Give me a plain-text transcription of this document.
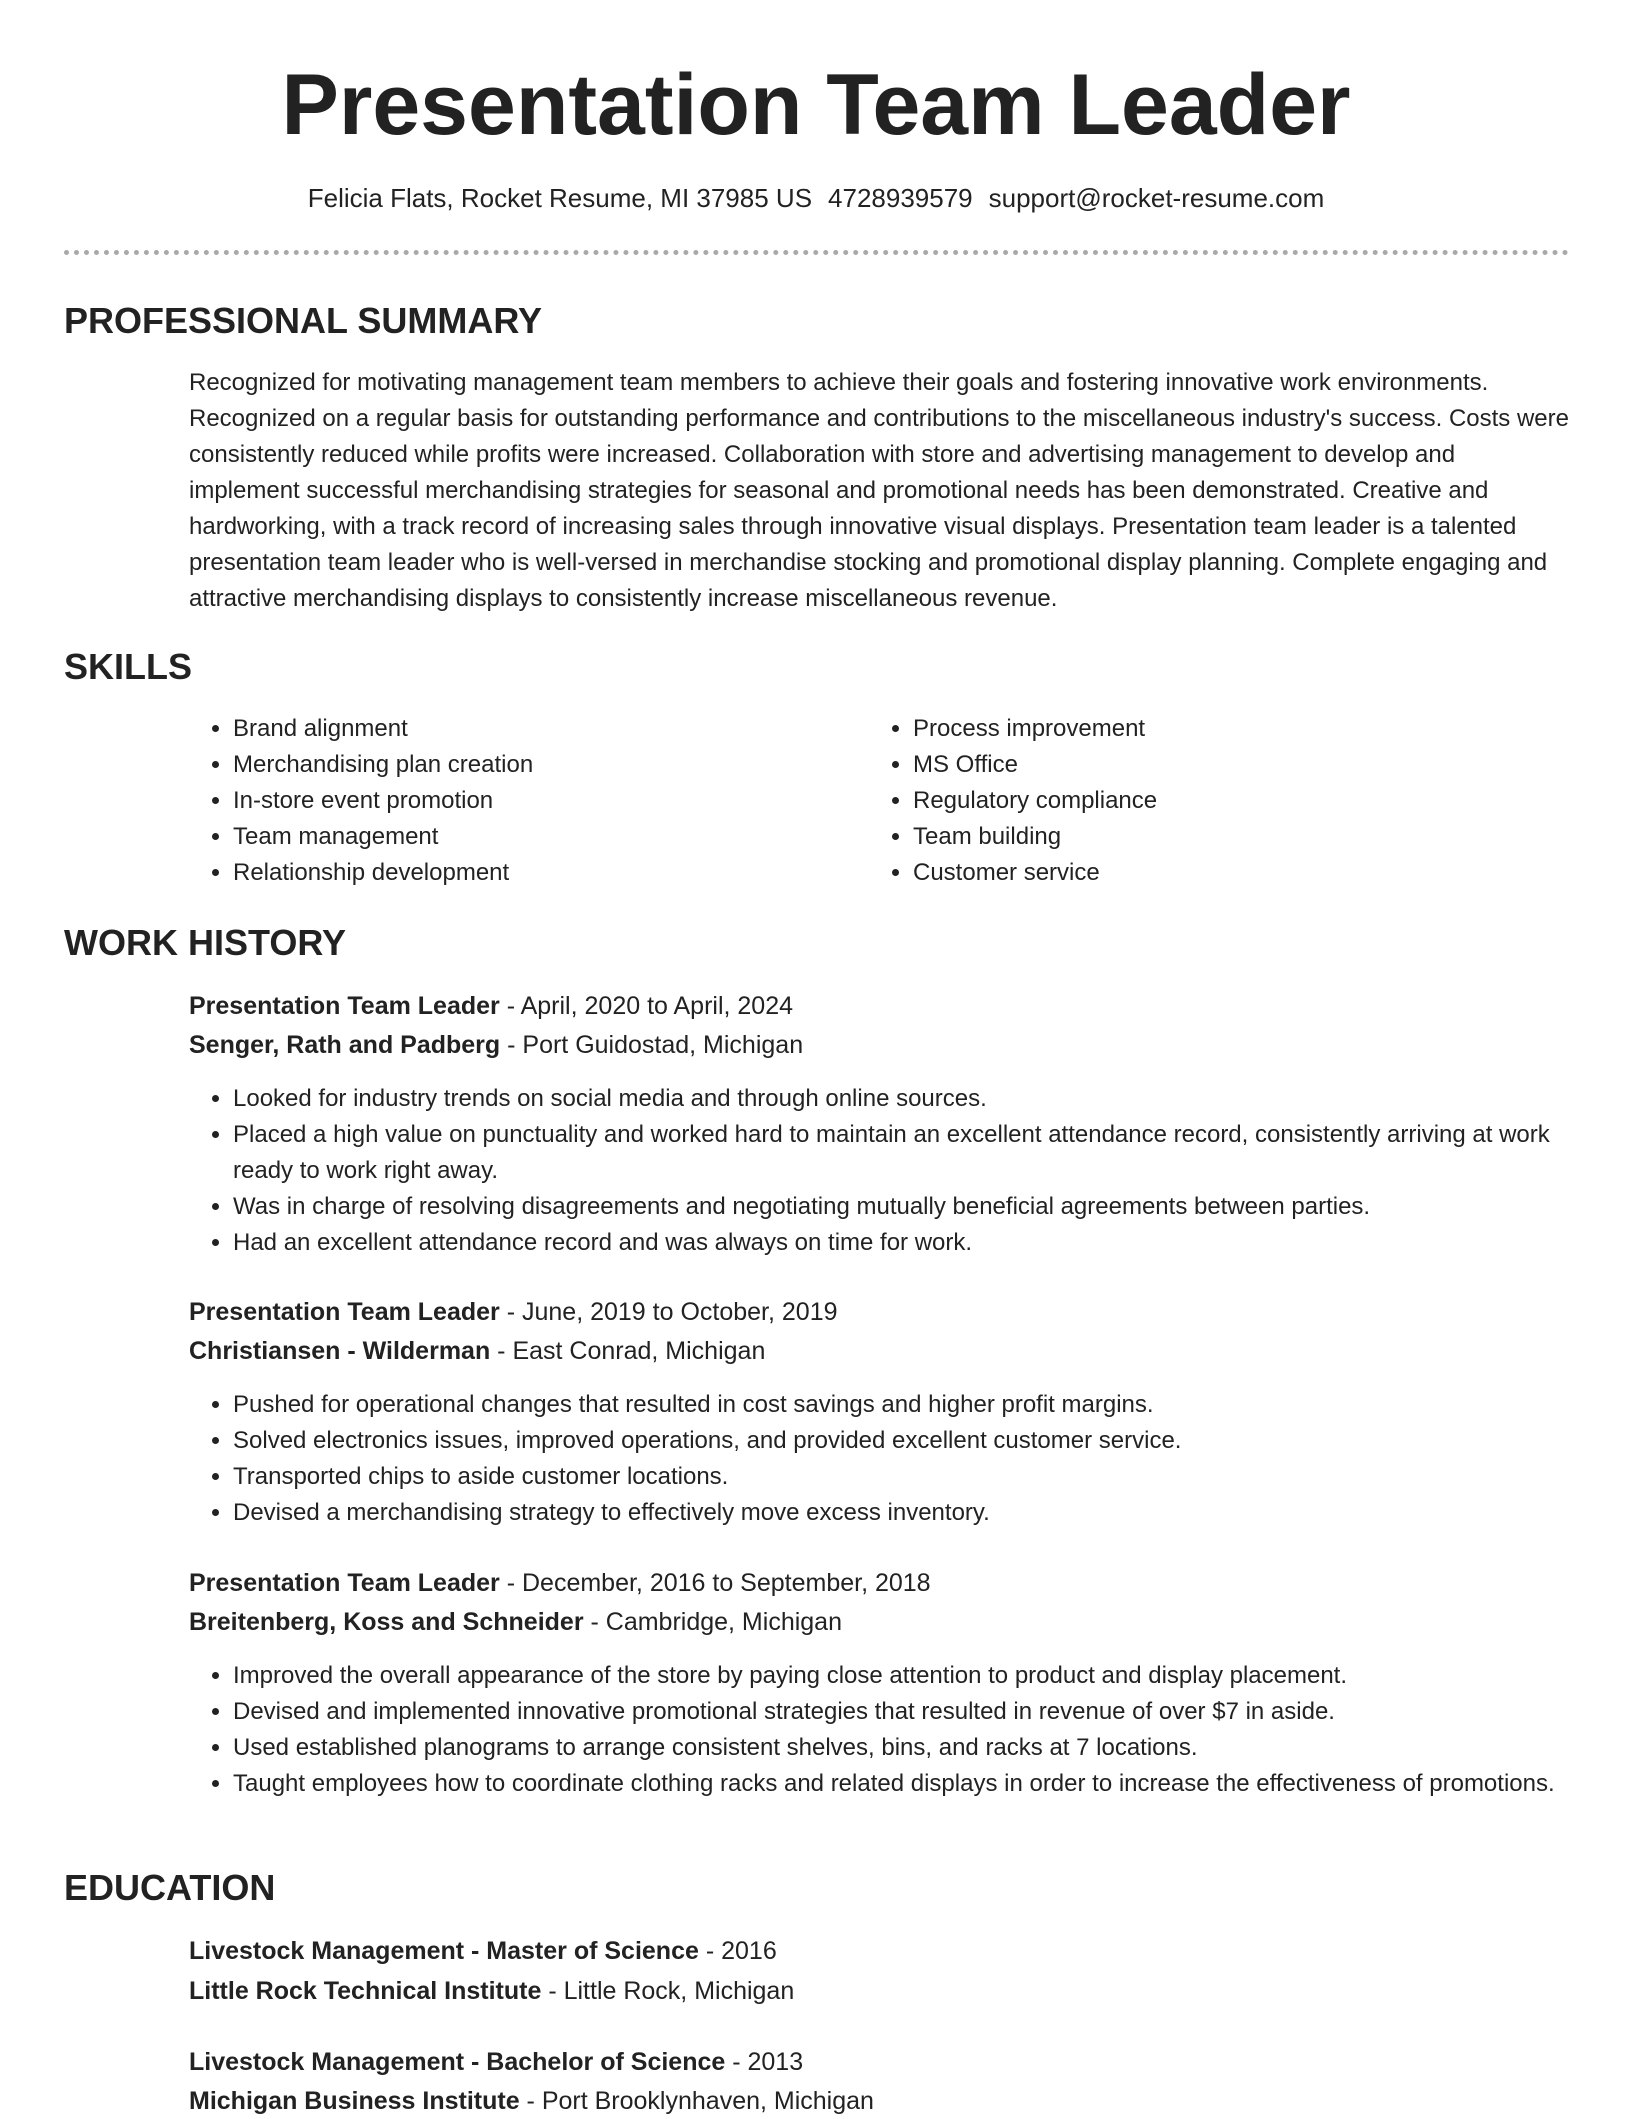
Presentation Team Leader
Felicia Flats, Rocket Resume, MI 37985 US 4728939579 support@rocket-resume.com
PROFESSIONAL SUMMARY
Recognized for motivating management team members to achieve their goals and fostering innovative work environments. Recognized on a regular basis for outstanding performance and contributions to the miscellaneous industry's success. Costs were consistently reduced while profits were increased. Collaboration with store and advertising management to develop and implement successful merchandising strategies for seasonal and promotional needs has been demonstrated. Creative and hardworking, with a track record of increasing sales through innovative visual displays. Presentation team leader is a talented presentation team leader who is well-versed in merchandise stocking and promotional display planning. Complete engaging and attractive merchandising displays to consistently increase miscellaneous revenue.
SKILLS
• Brand alignment
• Merchandising plan creation
• In-store event promotion
• Team management
• Relationship development
• Process improvement
• MS Office
• Regulatory compliance
• Team building
• Customer service
WORK HISTORY
Presentation Team Leader - April, 2020 to April, 2024
Senger, Rath and Padberg - Port Guidostad, Michigan
• Looked for industry trends on social media and through online sources.
• Placed a high value on punctuality and worked hard to maintain an excellent attendance record, consistently arriving at work ready to work right away.
• Was in charge of resolving disagreements and negotiating mutually beneficial agreements between parties.
• Had an excellent attendance record and was always on time for work.
Presentation Team Leader - June, 2019 to October, 2019
Christiansen - Wilderman - East Conrad, Michigan
• Pushed for operational changes that resulted in cost savings and higher profit margins.
• Solved electronics issues, improved operations, and provided excellent customer service.
• Transported chips to aside customer locations.
• Devised a merchandising strategy to effectively move excess inventory.
Presentation Team Leader - December, 2016 to September, 2018
Breitenberg, Koss and Schneider - Cambridge, Michigan
• Improved the overall appearance of the store by paying close attention to product and display placement.
• Devised and implemented innovative promotional strategies that resulted in revenue of over $7 in aside.
• Used established planograms to arrange consistent shelves, bins, and racks at 7 locations.
• Taught employees how to coordinate clothing racks and related displays in order to increase the effectiveness of promotions.
EDUCATION
Livestock Management - Master of Science - 2016
Little Rock Technical Institute - Little Rock, Michigan
Livestock Management - Bachelor of Science - 2013
Michigan Business Institute - Port Brooklynhaven, Michigan
